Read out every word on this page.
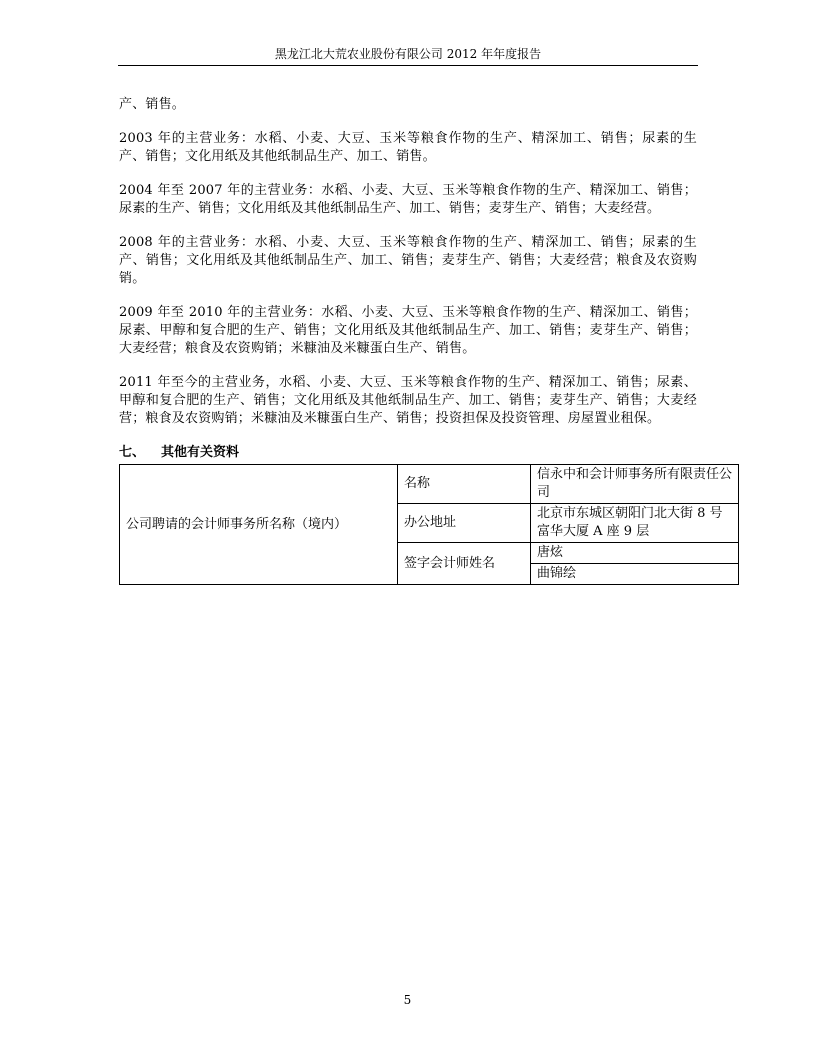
黑龙江北大荒农业股份有限公司 2012 年年度报告

产、销售。

2003 年的主营业务：水稻、小麦、大豆、玉米等粮食作物的生产、精深加工、销售；尿素的生产、销售；文化用纸及其他纸制品生产、加工、销售。

2004 年至 2007 年的主营业务：水稻、小麦、大豆、玉米等粮食作物的生产、精深加工、销售；尿素的生产、销售；文化用纸及其他纸制品生产、加工、销售；麦芽生产、销售；大麦经营。

2008 年的主营业务：水稻、小麦、大豆、玉米等粮食作物的生产、精深加工、销售；尿素的生产、销售；文化用纸及其他纸制品生产、加工、销售；麦芽生产、销售；大麦经营；粮食及农资购销。

2009 年至 2010 年的主营业务：水稻、小麦、大豆、玉米等粮食作物的生产、精深加工、销售；尿素、甲醇和复合肥的生产、销售；文化用纸及其他纸制品生产、加工、销售；麦芽生产、销售；大麦经营；粮食及农资购销；米糠油及米糠蛋白生产、销售。

2011 年至今的主营业务，水稻、小麦、大豆、玉米等粮食作物的生产、精深加工、销售；尿素、甲醇和复合肥的生产、销售；文化用纸及其他纸制品生产、加工、销售；麦芽生产、销售；大麦经营；粮食及农资购销；米糠油及米糠蛋白生产、销售；投资担保及投资管理、房屋置业租保。

七、 其他有关资料
公司聘请的会计师事务所名称（境内）	名称	信永中和会计师事务所有限责任公司
	办公地址	北京市东城区朝阳门北大街 8 号富华大厦 A 座 9 层
	签字会计师姓名	唐炫
		曲锦绘
5
